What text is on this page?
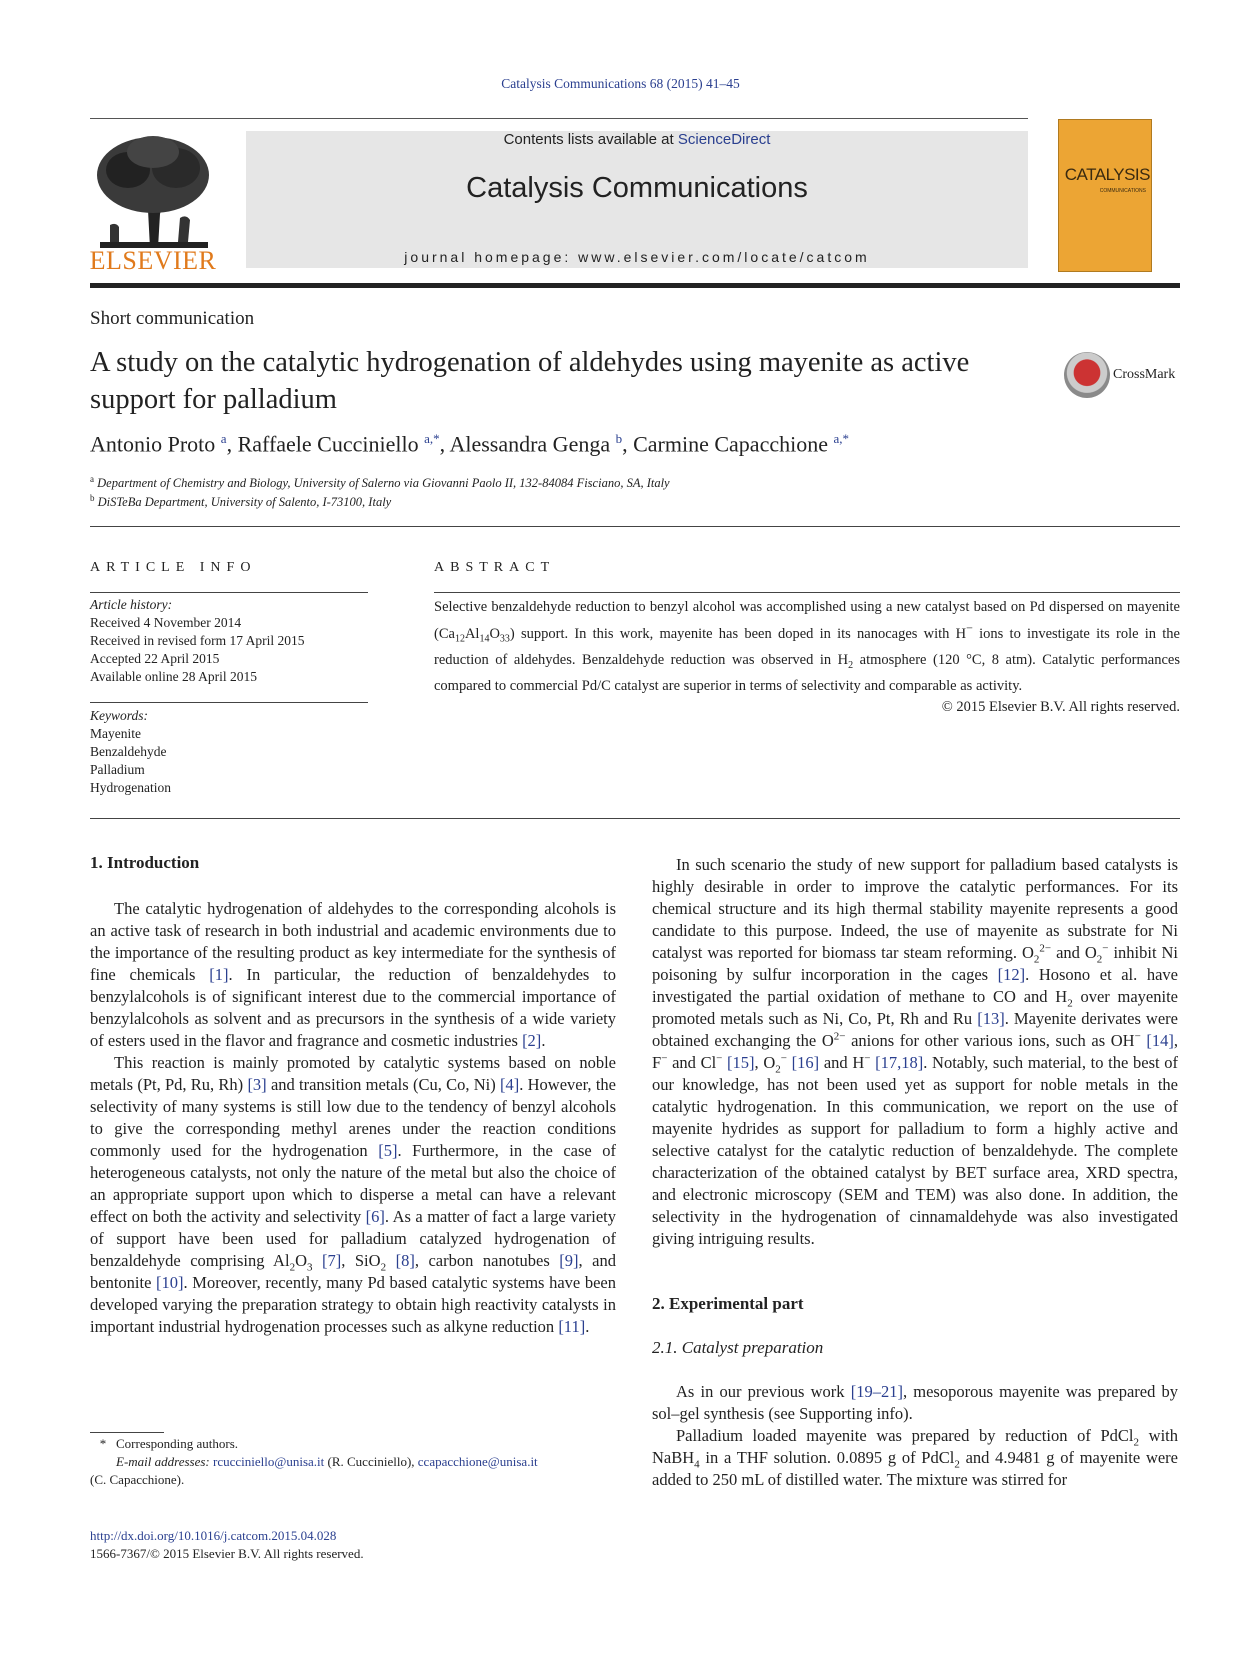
Catalysis Communications 68 (2015) 41–45
ELSEVIER
Contents lists available at ScienceDirect
Catalysis Communications
journal homepage: www.elsevier.com/locate/catcom
CATALYSIS
COMMUNICATIONS
Short communication
A study on the catalytic hydrogenation of aldehydes using mayenite as active support for palladium
CrossMark
Antonio Proto $^a$, Raffaele Cucciniello $^{a,*}$, Alessandra Genga $^b$, Carmine Capacchione $^{a,*}$
$^a$ Department of Chemistry and Biology, University of Salerno via Giovanni Paolo II, 132-84084 Fisciano, SA, Italy
$^b$ DiSTeBa Department, University of Salento, I-73100, Italy
ARTICLE INFO
Article history:
Received 4 November 2014
Received in revised form 17 April 2015
Accepted 22 April 2015
Available online 28 April 2015
Keywords:
Mayenite
Benzaldehyde
Palladium
Hydrogenation
ABSTRACT
Selective benzaldehyde reduction to benzyl alcohol was accomplished using a new catalyst based on Pd dispersed on mayenite $(Ca_{12}Al_{14}O_{33})$ support. In this work, mayenite has been doped in its nanocages with H− ions to investigate its role in the reduction of aldehydes. Benzaldehyde reduction was observed in $H_2$ atmosphere (120 °C, 8 atm). Catalytic performances compared to commercial Pd/C catalyst are superior in terms of selectivity and comparable as activity.
© 2015 Elsevier B.V. All rights reserved.
1. Introduction

The catalytic hydrogenation of aldehydes to the corresponding alcohols is an active task of research in both industrial and academic environments due to the importance of the resulting product as key intermediate for the synthesis of fine chemicals [1]. In particular, the reduction of benzaldehydes to benzylalcohols is of significant interest due to the commercial importance of benzylalcohols as solvent and as precursors in the synthesis of a wide variety of esters used in the flavor and fragrance and cosmetic industries [2].

This reaction is mainly promoted by catalytic systems based on noble metals (Pt, Pd, Ru, Rh) [3] and transition metals (Cu, Co, Ni) [4]. However, the selectivity of many systems is still low due to the tendency of benzyl alcohols to give the corresponding methyl arenes under the reaction conditions commonly used for the hydrogenation [5]. Furthermore, in the case of heterogeneous catalysts, not only the nature of the metal but also the choice of an appropriate support upon which to disperse a metal can have a relevant effect on both the activity and selectivity [6]. As a matter of fact a large variety of support have been used for palladium catalyzed hydrogenation of benzaldehyde comprising $Al_2O_3$ [7], SiO$_2$ [8], carbon nanotubes [9], and bentonite [10]. Moreover, recently, many Pd based catalytic systems have been developed varying the preparation strategy to obtain high reactivity catalysts in important industrial hydrogenation processes such as alkyne reduction [11].

In such scenario the study of new support for palladium based catalysts is highly desirable in order to improve the catalytic performances. For its chemical structure and its high thermal stability mayenite represents a good candidate to this purpose. Indeed, the use of mayenite as substrate for Ni catalyst was reported for biomass tar steam reforming. $O_2^{2-}$ and $O_2^-$ inhibit Ni poisoning by sulfur incorporation in the cages [12]. Hosono et al. have investigated the partial oxidation of methane to CO and $H_2$ over mayenite promoted metals such as Ni, Co, Pt, Rh and Ru [13]. Mayenite derivates were obtained exchanging the $O^{2-}$ anions for other various ions, such as OH− [14], F− and Cl− [15], $O_2^-$ [16] and H− [17,18]. Notably, such material, to the best of our knowledge, has not been used yet as support for noble metals in the catalytic hydrogenation. In this communication, we report on the use of mayenite hydrides as support for palladium to form a highly active and selective catalyst for the catalytic reduction of benzaldehyde. The complete characterization of the obtained catalyst by BET surface area, XRD spectra, and electronic microscopy (SEM and TEM) was also done. In addition, the selectivity in the hydrogenation of cinnamaldehyde was also investigated giving intriguing results.

2. Experimental part
2.1. Catalyst preparation

As in our previous work [19–21], mesoporous mayenite was prepared by sol–gel synthesis (see Supporting info).

Palladium loaded mayenite was prepared by reduction of PdCl$_2$ with NaBH$_4$ in a THF solution. 0.0895 g of PdCl$_2$ and 4.9481 g of mayenite were added to 250 mL of distilled water. The mixture was stirred for

*   Corresponding authors.
E-mail addresses: rcucciniello@unisa.it (R. Cucciniello), ccapacchione@unisa.it
(C. Capacchione).
http://dx.doi.org/10.1016/j.catcom.2015.04.028
1566-7367/© 2015 Elsevier B.V. All rights reserved.
